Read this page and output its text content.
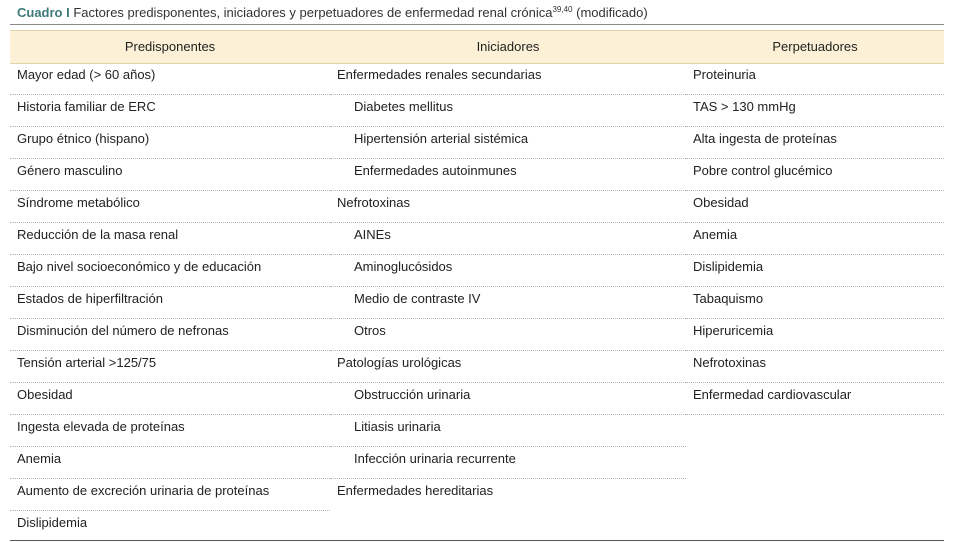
Cuadro I Factores predisponentes, iniciadores y perpetuadores de enfermedad renal crónica$^{39,40}$ (modificado)
Predisponentes	Iniciadores	Perpetuadores
Mayor edad (> 60 años)
Historia familiar de ERC
Grupo étnico (hispano)
Género masculino
Síndrome metabólico
Reducción de la masa renal
Bajo nivel socioeconómico y de educación
Estados de hiperfiltración
Disminución del número de nefronas
Tensión arterial >125/75
Obesidad
Ingesta elevada de proteínas
Anemia
Aumento de excreción urinaria de proteínas
Dislipidemia
Enfermedades renales secundarias
Diabetes mellitus
Hipertensión arterial sistémica
Enfermedades autoinmunes
Nefrotoxinas
AINEs
Aminoglucósidos
Medio de contraste IV
Otros
Patologías urológicas
Obstrucción urinaria
Litiasis urinaria
Infección urinaria recurrente
Enfermedades hereditarias
Proteinuria
TAS > 130 mmHg
Alta ingesta de proteínas
Pobre control glucémico
Obesidad
Anemia
Dislipidemia
Tabaquismo
Hiperuricemia
Nefrotoxinas
Enfermedad cardiovascular
